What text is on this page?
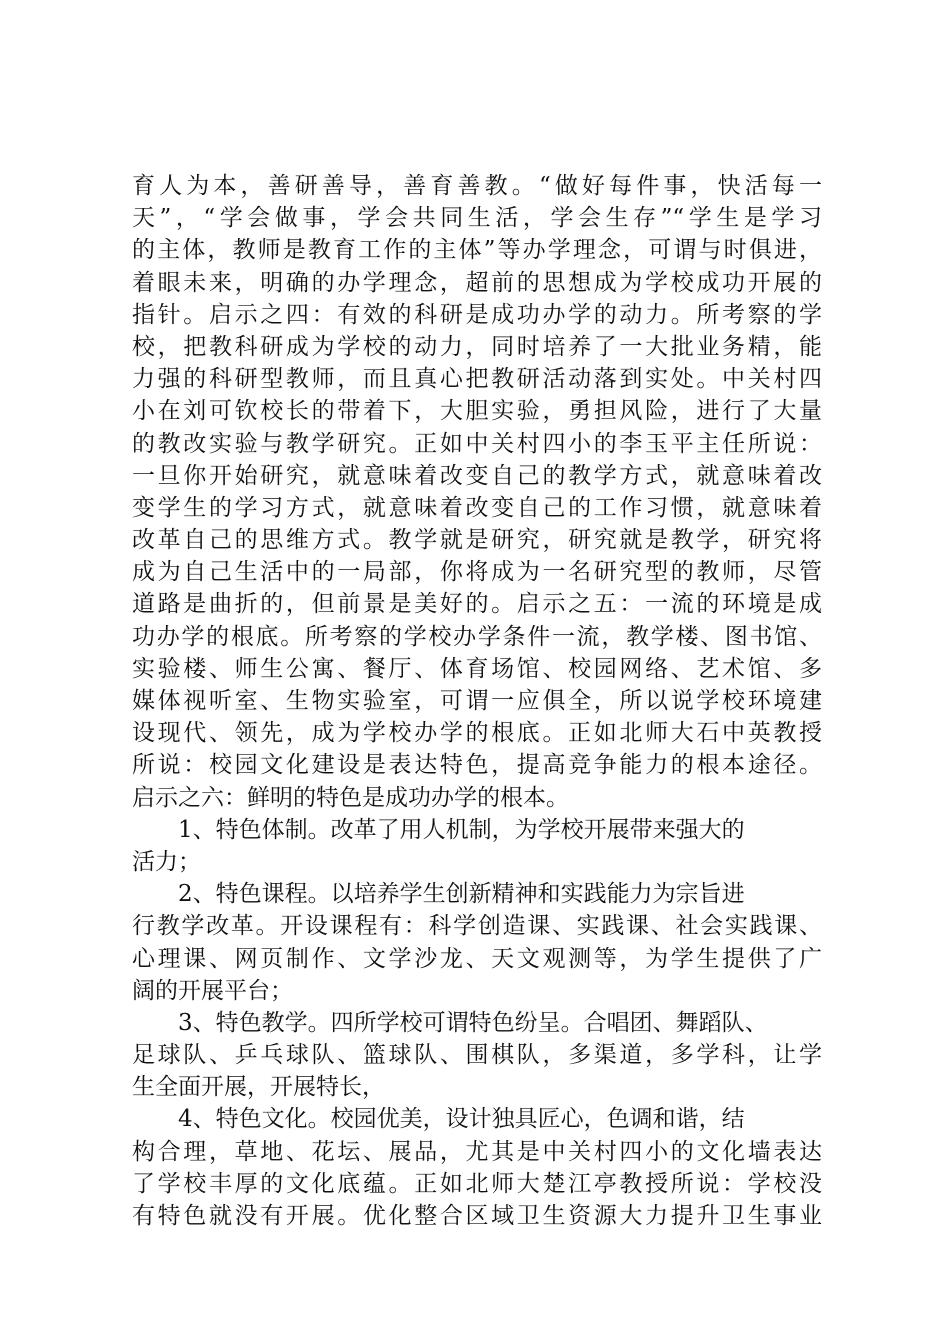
育人为本，善研善导，善育善教。“做好每件事，快活每一
天”，“学会做事，学会共同生活，学会生存”“学生是学习
的主体，教师是教育工作的主体”等办学理念，可谓与时俱进，
着眼未来，明确的办学理念，超前的思想成为学校成功开展的
指针。启示之四：有效的科研是成功办学的动力。所考察的学
校，把教科研成为学校的动力，同时培养了一大批业务精，能
力强的科研型教师，而且真心把教研活动落到实处。中关村四
小在刘可钦校长的带着下，大胆实验，勇担风险，进行了大量
的教改实验与教学研究。正如中关村四小的李玉平主任所说：
一旦你开始研究，就意味着改变自己的教学方式，就意味着改
变学生的学习方式，就意味着改变自己的工作习惯，就意味着
改革自己的思维方式。教学就是研究，研究就是教学，研究将
成为自己生活中的一局部，你将成为一名研究型的教师，尽管
道路是曲折的，但前景是美好的。启示之五：一流的环境是成
功办学的根底。所考察的学校办学条件一流，教学楼、图书馆、
实验楼、师生公寓、餐厅、体育场馆、校园网络、艺术馆、多
媒体视听室、生物实验室，可谓一应俱全，所以说学校环境建
设现代、领先，成为学校办学的根底。正如北师大石中英教授
所说：校园文化建设是表达特色，提高竞争能力的根本途径。
启示之六：鲜明的特色是成功办学的根本。
1、特色体制。改革了用人机制，为学校开展带来强大的
活力；
2、特色课程。以培养学生创新精神和实践能力为宗旨进
行教学改革。开设课程有：科学创造课、实践课、社会实践课、
心理课、网页制作、文学沙龙、天文观测等，为学生提供了广
阔的开展平台；
3、特色教学。四所学校可谓特色纷呈。合唱团、舞蹈队、
足球队、乒乓球队、篮球队、围棋队，多渠道，多学科，让学
生全面开展，开展特长，
4、特色文化。校园优美，设计独具匠心，色调和谐，结
构合理，草地、花坛、展品，尤其是中关村四小的文化墙表达
了学校丰厚的文化底蕴。正如北师大楚江亭教授所说：学校没
有特色就没有开展。优化整合区域卫生资源大力提升卫生事业
